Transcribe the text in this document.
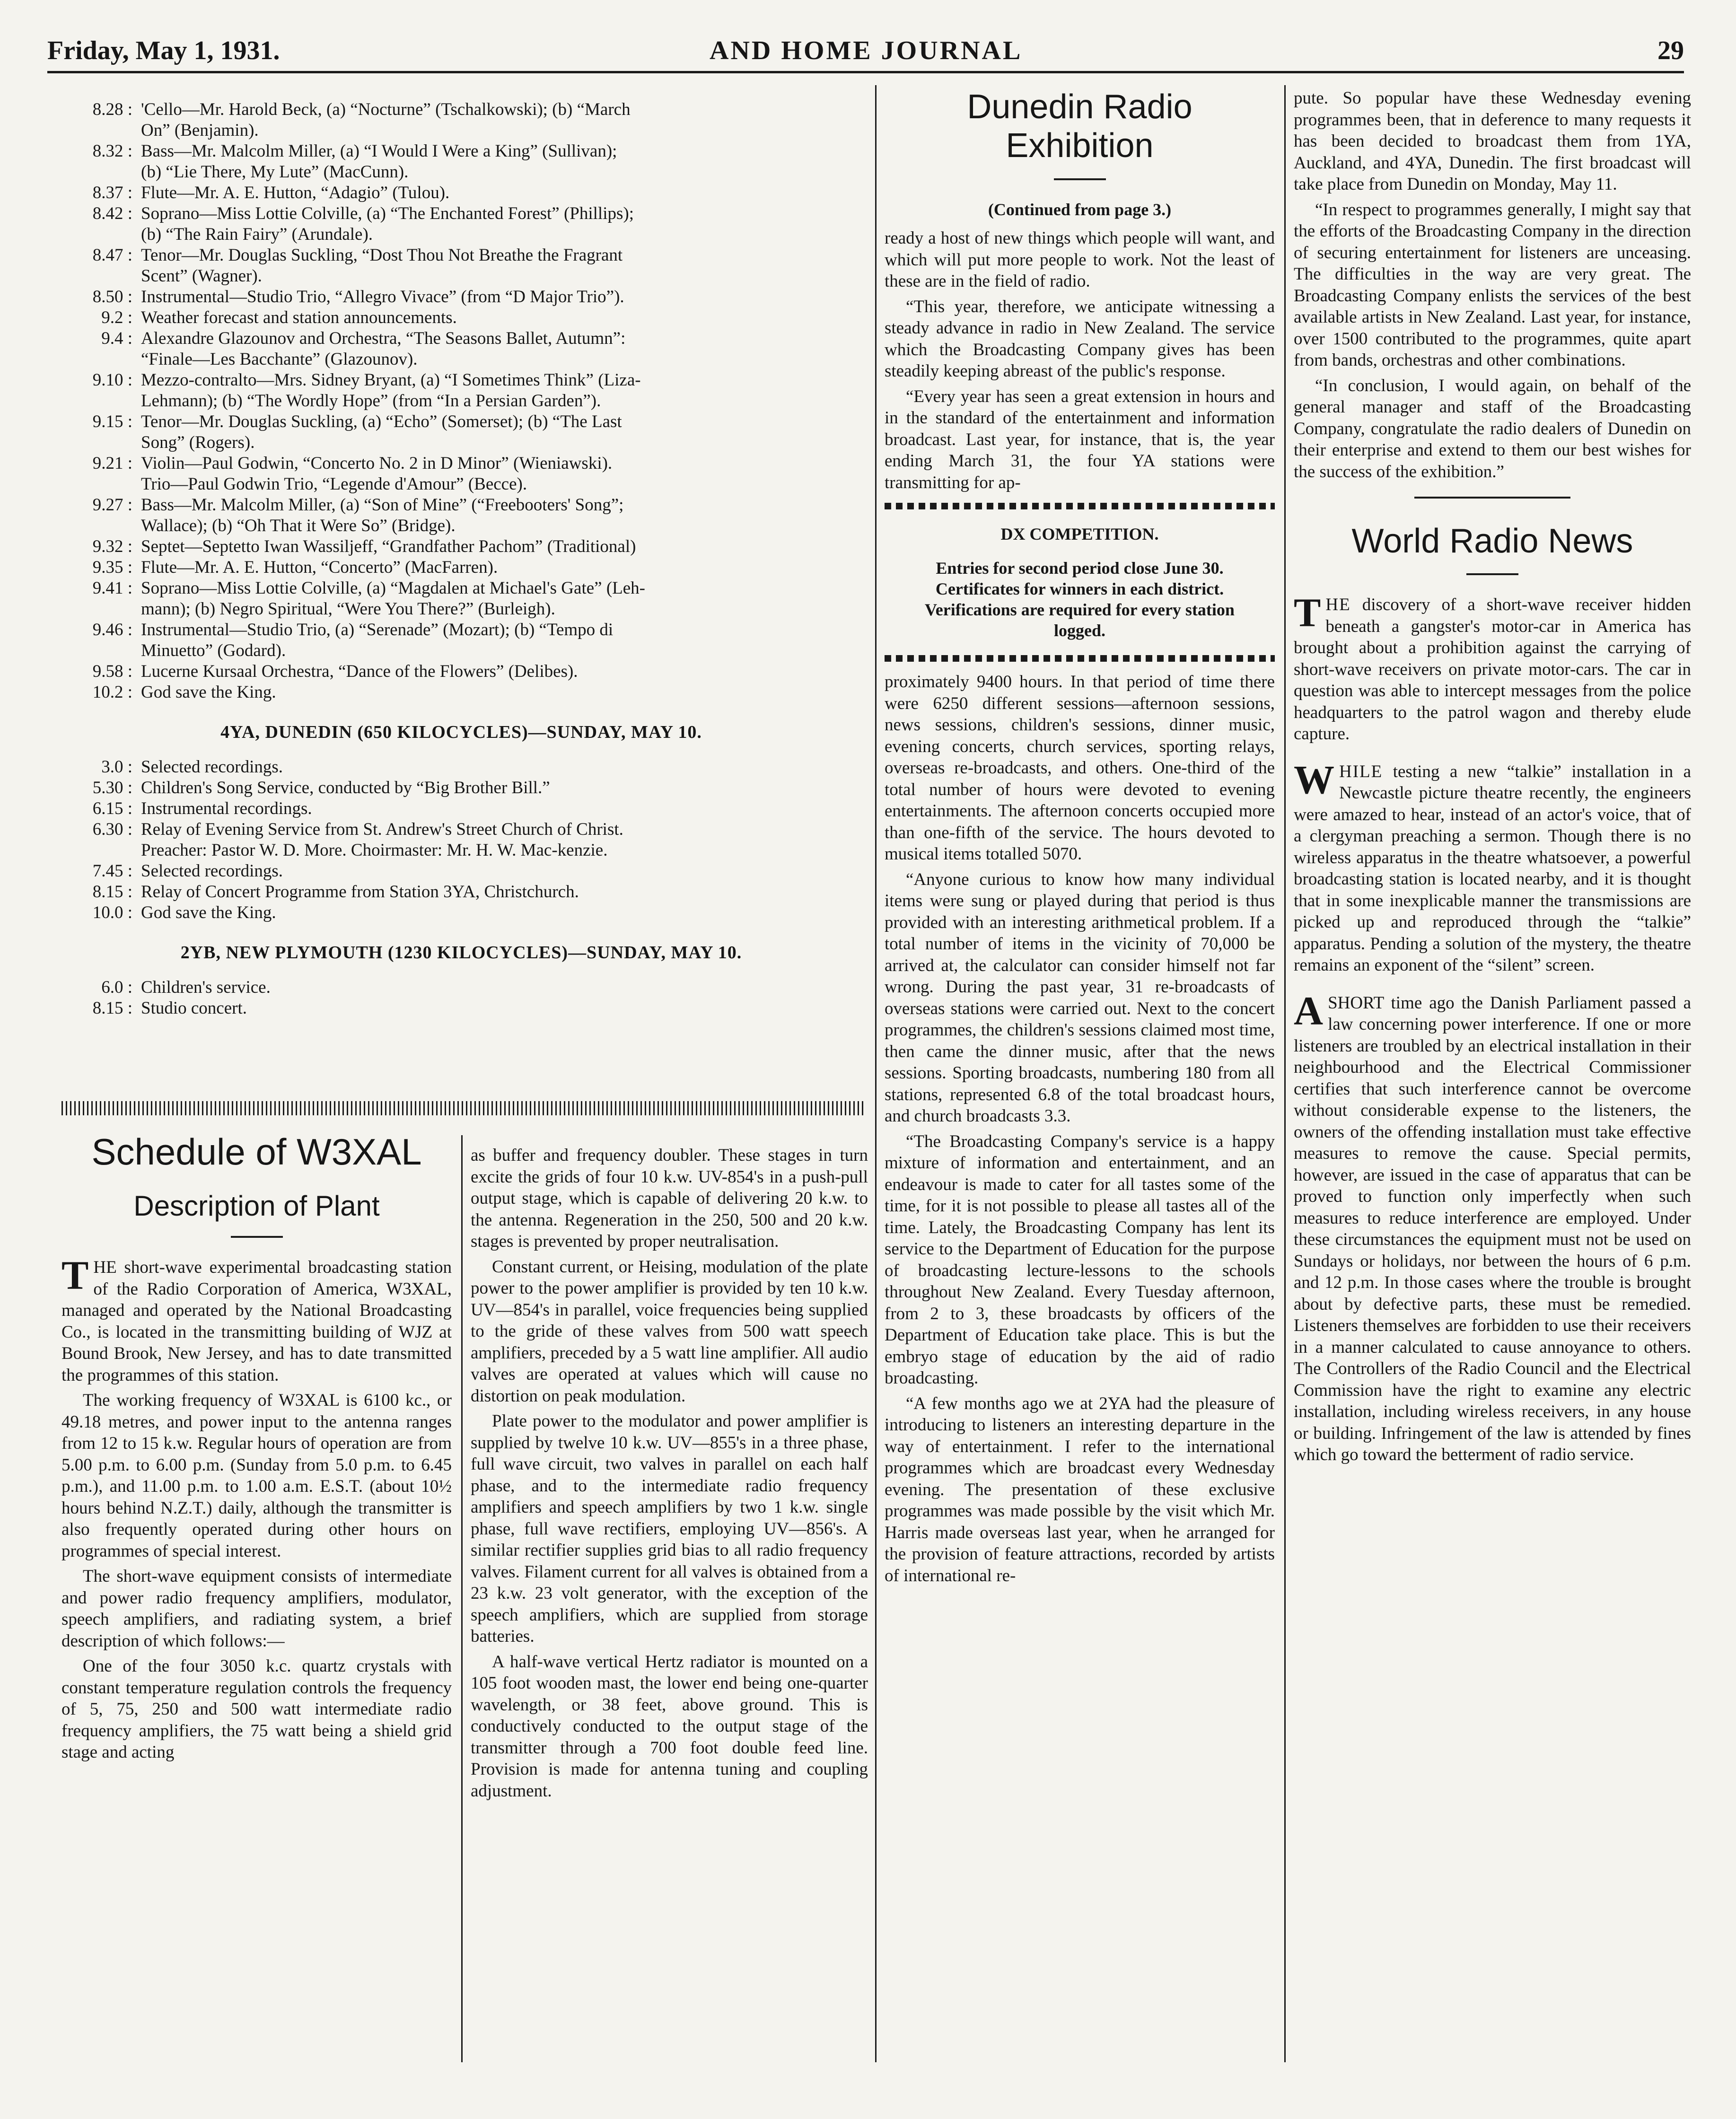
Friday, May 1, 1931.	AND HOME JOURNAL	29
8.28 : 'Cello—Mr. Harold Beck, (a) “Nocturne” (Tschalkowski); (b) “March
On” (Benjamin).
8.32 : Bass—Mr. Malcolm Miller, (a) “I Would I Were a King” (Sullivan);
(b) “Lie There, My Lute” (MacCunn).
8.37 : Flute—Mr. A. E. Hutton, “Adagio” (Tulou).
8.42 : Soprano—Miss Lottie Colville, (a) “The Enchanted Forest” (Phillips);
(b) “The Rain Fairy” (Arundale).
8.47 : Tenor—Mr. Douglas Suckling, “Dost Thou Not Breathe the Fragrant
Scent” (Wagner).
8.50 : Instrumental—Studio Trio, “Allegro Vivace” (from “D Major Trio”).
9.2 : Weather forecast and station announcements.
9.4 : Alexandre Glazounov and Orchestra, “The Seasons Ballet, Autumn”:
“Finale—Les Bacchante” (Glazounov).
9.10 : Mezzo-contralto—Mrs. Sidney Bryant, (a) “I Sometimes Think” (Liza-
Lehmann); (b) “The Wordly Hope” (from “In a Persian Garden”).
9.15 : Tenor—Mr. Douglas Suckling, (a) “Echo” (Somerset); (b) “The Last
Song” (Rogers).
9.21 : Violin—Paul Godwin, “Concerto No. 2 in D Minor” (Wieniawski).
Trio—Paul Godwin Trio, “Legende d'Amour” (Becce).
9.27 : Bass—Mr. Malcolm Miller, (a) “Son of Mine” (“Freebooters' Song”;
Wallace); (b) “Oh That it Were So” (Bridge).
9.32 : Septet—Septetto Iwan Wassiljeff, “Grandfather Pachom” (Traditional)
9.35 : Flute—Mr. A. E. Hutton, “Concerto” (MacFarren).
9.41 : Soprano—Miss Lottie Colville, (a) “Magdalen at Michael's Gate” (Leh-
mann); (b) Negro Spiritual, “Were You There?” (Burleigh).
9.46 : Instrumental—Studio Trio, (a) “Serenade” (Mozart); (b) “Tempo di
Minuetto” (Godard).
9.58 : Lucerne Kursaal Orchestra, “Dance of the Flowers” (Delibes).
10.2 : God save the King.
4YA, DUNEDIN (650 KILOCYCLES)—SUNDAY, MAY 10.
3.0 : Selected recordings.
5.30 : Children's Song Service, conducted by “Big Brother Bill.”
6.15 : Instrumental recordings.
6.30 : Relay of Evening Service from St. Andrew's Street Church of Christ.
Preacher: Pastor W. D. More. Choirmaster: Mr. H. W. Mac-kenzie.
7.45 : Selected recordings.
8.15 : Relay of Concert Programme from Station 3YA, Christchurch.
10.0 : God save the King.
2YB, NEW PLYMOUTH (1230 KILOCYCLES)—SUNDAY, MAY 10.
6.0 : Children's service.
8.15 : Studio concert.
Schedule of W3XAL
Description of Plant

THE short-wave experimental broadcasting station of the Radio Corporation of America, W3XAL, managed and operated by the National Broadcasting Co., is located in the transmitting building of WJZ at Bound Brook, New Jersey, and has to date transmitted the programmes of this station.

The working frequency of W3XAL is 6100 kc., or 49.18 metres, and power input to the antenna ranges from 12 to 15 k.w. Regular hours of operation are from 5.00 p.m. to 6.00 p.m. (Sunday from 5.0 p.m. to 6.45 p.m.), and 11.00 p.m. to 1.00 a.m. E.S.T. (about 10½ hours behind N.Z.T.) daily, although the transmitter is also frequently operated during other hours on programmes of special interest.

The short-wave equipment consists of intermediate and power radio frequency amplifiers, modulator, speech amplifiers, and radiating system, a brief description of which follows:—

One of the four 3050 k.c. quartz crystals with constant temperature regulation controls the frequency of 5, 75, 250 and 500 watt intermediate radio frequency amplifiers, the 75 watt being a shield grid stage and acting

as buffer and frequency doubler. These stages in turn excite the grids of four 10 k.w. UV-854's in a push-pull output stage, which is capable of delivering 20 k.w. to the antenna. Regeneration in the 250, 500 and 20 k.w. stages is prevented by proper neutralisation.

Constant current, or Heising, modulation of the plate power to the power amplifier is provided by ten 10 k.w. UV—854's in parallel, voice frequencies being supplied to the gride of these valves from 500 watt speech amplifiers, preceded by a 5 watt line amplifier. All audio valves are operated at values which will cause no distortion on peak modulation.

Plate power to the modulator and power amplifier is supplied by twelve 10 k.w. UV—855's in a three phase, full wave circuit, two valves in parallel on each half phase, and to the intermediate radio frequency amplifiers and speech amplifiers by two 1 k.w. single phase, full wave rectifiers, employing UV—856's. A similar rectifier supplies grid bias to all radio frequency valves. Filament current for all valves is obtained from a 23 k.w. 23 volt generator, with the exception of the speech amplifiers, which are supplied from storage batteries.

A half-wave vertical Hertz radiator is mounted on a 105 foot wooden mast, the lower end being one-quarter wavelength, or 38 feet, above ground. This is conductively conducted to the output stage of the transmitter through a 700 foot double feed line. Provision is made for antenna tuning and coupling adjustment.

Dunedin Radio Exhibition
(Continued from page 3.)

ready a host of new things which people will want, and which will put more people to work. Not the least of these are in the field of radio.

“This year, therefore, we anticipate witnessing a steady advance in radio in New Zealand. The service which the Broadcasting Company gives has been steadily keeping abreast of the public's response.

“Every year has seen a great extension in hours and in the standard of the entertainment and information broadcast. Last year, for instance, that is, the year ending March 31, the four YA stations were transmitting for ap-

DX COMPETITION.
Entries for second period close June 30.
Certificates for winners in each district.
Verifications are required for every station logged.

proximately 9400 hours. In that period of time there were 6250 different sessions—afternoon sessions, news sessions, children's sessions, dinner music, evening concerts, church services, sporting relays, overseas re-broadcasts, and others. One-third of the total number of hours were devoted to evening entertainments. The afternoon concerts occupied more than one-fifth of the service. The hours devoted to musical items totalled 5070.

“Anyone curious to know how many individual items were sung or played during that period is thus provided with an interesting arithmetical problem. If a total number of items in the vicinity of 70,000 be arrived at, the calculator can consider himself not far wrong. During the past year, 31 re-broadcasts of overseas stations were carried out. Next to the concert programmes, the children's sessions claimed most time, then came the dinner music, after that the news sessions. Sporting broadcasts, numbering 180 from all stations, represented 6.8 of the total broadcast hours, and church broadcasts 3.3.

“The Broadcasting Company's service is a happy mixture of information and entertainment, and an endeavour is made to cater for all tastes some of the time, for it is not possible to please all tastes all of the time. Lately, the Broadcasting Company has lent its service to the Department of Education for the purpose of broadcasting lecture-lessons to the schools throughout New Zealand. Every Tuesday afternoon, from 2 to 3, these broadcasts by officers of the Department of Education take place. This is but the embryo stage of education by the aid of radio broadcasting.

“A few months ago we at 2YA had the pleasure of introducing to listeners an interesting departure in the way of entertainment. I refer to the international programmes which are broadcast every Wednesday evening. The presentation of these exclusive programmes was made possible by the visit which Mr. Harris made overseas last year, when he arranged for the provision of feature attractions, recorded by artists of international re-

pute. So popular have these Wednesday evening programmes been, that in deference to many requests it has been decided to broadcast them from 1YA, Auckland, and 4YA, Dunedin. The first broadcast will take place from Dunedin on Monday, May 11.

“In respect to programmes generally, I might say that the efforts of the Broadcasting Company in the direction of securing entertainment for listeners are unceasing. The difficulties in the way are very great. The Broadcasting Company enlists the services of the best available artists in New Zealand. Last year, for instance, over 1500 contributed to the programmes, quite apart from bands, orchestras and other combinations.

“In conclusion, I would again, on behalf of the general manager and staff of the Broadcasting Company, congratulate the radio dealers of Dunedin on their enterprise and extend to them our best wishes for the success of the exhibition.”

World Radio News

THE discovery of a short-wave receiver hidden beneath a gangster's motor-car in America has brought about a prohibition against the carrying of short-wave receivers on private motor-cars. The car in question was able to intercept messages from the police headquarters to the patrol wagon and thereby elude capture.

WHILE testing a new “talkie” installation in a Newcastle picture theatre recently, the engineers were amazed to hear, instead of an actor's voice, that of a clergyman preaching a sermon. Though there is no wireless apparatus in the theatre whatsoever, a powerful broadcasting station is located nearby, and it is thought that in some inexplicable manner the transmissions are picked up and reproduced through the “talkie” apparatus. Pending a solution of the mystery, the theatre remains an exponent of the “silent” screen.

A SHORT time ago the Danish Parliament passed a law concerning power interference. If one or more listeners are troubled by an electrical installation in their neighbourhood and the Electrical Commissioner certifies that such interference cannot be overcome without considerable expense to the listeners, the owners of the offending installation must take effective measures to remove the cause. Special permits, however, are issued in the case of apparatus that can be proved to function only imperfectly when such measures to reduce interference are employed. Under these circumstances the equipment must not be used on Sundays or holidays, nor between the hours of 6 p.m. and 12 p.m. In those cases where the trouble is brought about by defective parts, these must be remedied. Listeners themselves are forbidden to use their receivers in a manner calculated to cause annoyance to others. The Controllers of the Radio Council and the Electrical Commission have the right to examine any electric installation, including wireless receivers, in any house or building. Infringement of the law is attended by fines which go toward the betterment of radio service.
